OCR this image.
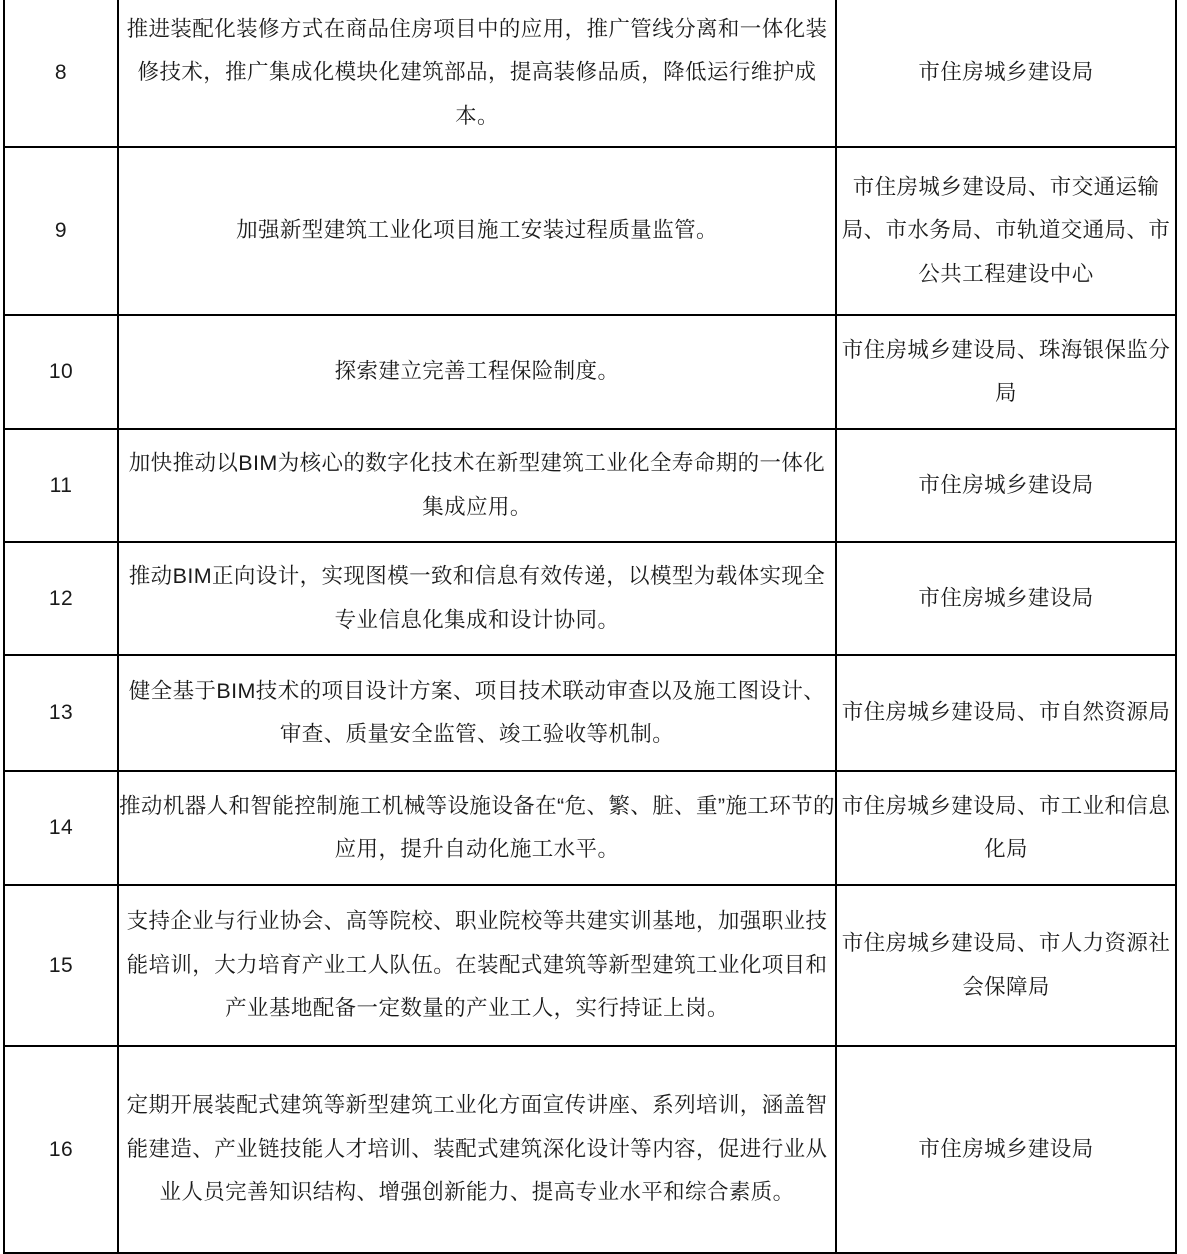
8	推进装配化装修方式在商品住房项目中的应用，推广管线分离和一体化装修技术，推广集成化模块化建筑部品，提高装修品质，降低运行维护成本。	市住房城乡建设局
9	加强新型建筑工业化项目施工安装过程质量监管。	市住房城乡建设局、市交通运输局、市水务局、市轨道交通局、市公共工程建设中心
10	探索建立完善工程保险制度。	市住房城乡建设局、珠海银保监分局
11	加快推动以BIM为核心的数字化技术在新型建筑工业化全寿命期的一体化集成应用。	市住房城乡建设局
12	推动BIM正向设计，实现图模一致和信息有效传递，以模型为载体实现全专业信息化集成和设计协同。	市住房城乡建设局
13	健全基于BIM技术的项目设计方案、项目技术联动审查以及施工图设计、审查、质量安全监管、竣工验收等机制。	市住房城乡建设局、市自然资源局
14	推动机器人和智能控制施工机械等设施设备在“危、繁、脏、重”施工环节的应用，提升自动化施工水平。	市住房城乡建设局、市工业和信息化局
15	支持企业与行业协会、高等院校、职业院校等共建实训基地，加强职业技能培训，大力培育产业工人队伍。在装配式建筑等新型建筑工业化项目和产业基地配备一定数量的产业工人，实行持证上岗。	市住房城乡建设局、市人力资源社会保障局
16	定期开展装配式建筑等新型建筑工业化方面宣传讲座、系列培训，涵盖智能建造、产业链技能人才培训、装配式建筑深化设计等内容，促进行业从业人员完善知识结构、增强创新能力、提高专业水平和综合素质。	市住房城乡建设局
